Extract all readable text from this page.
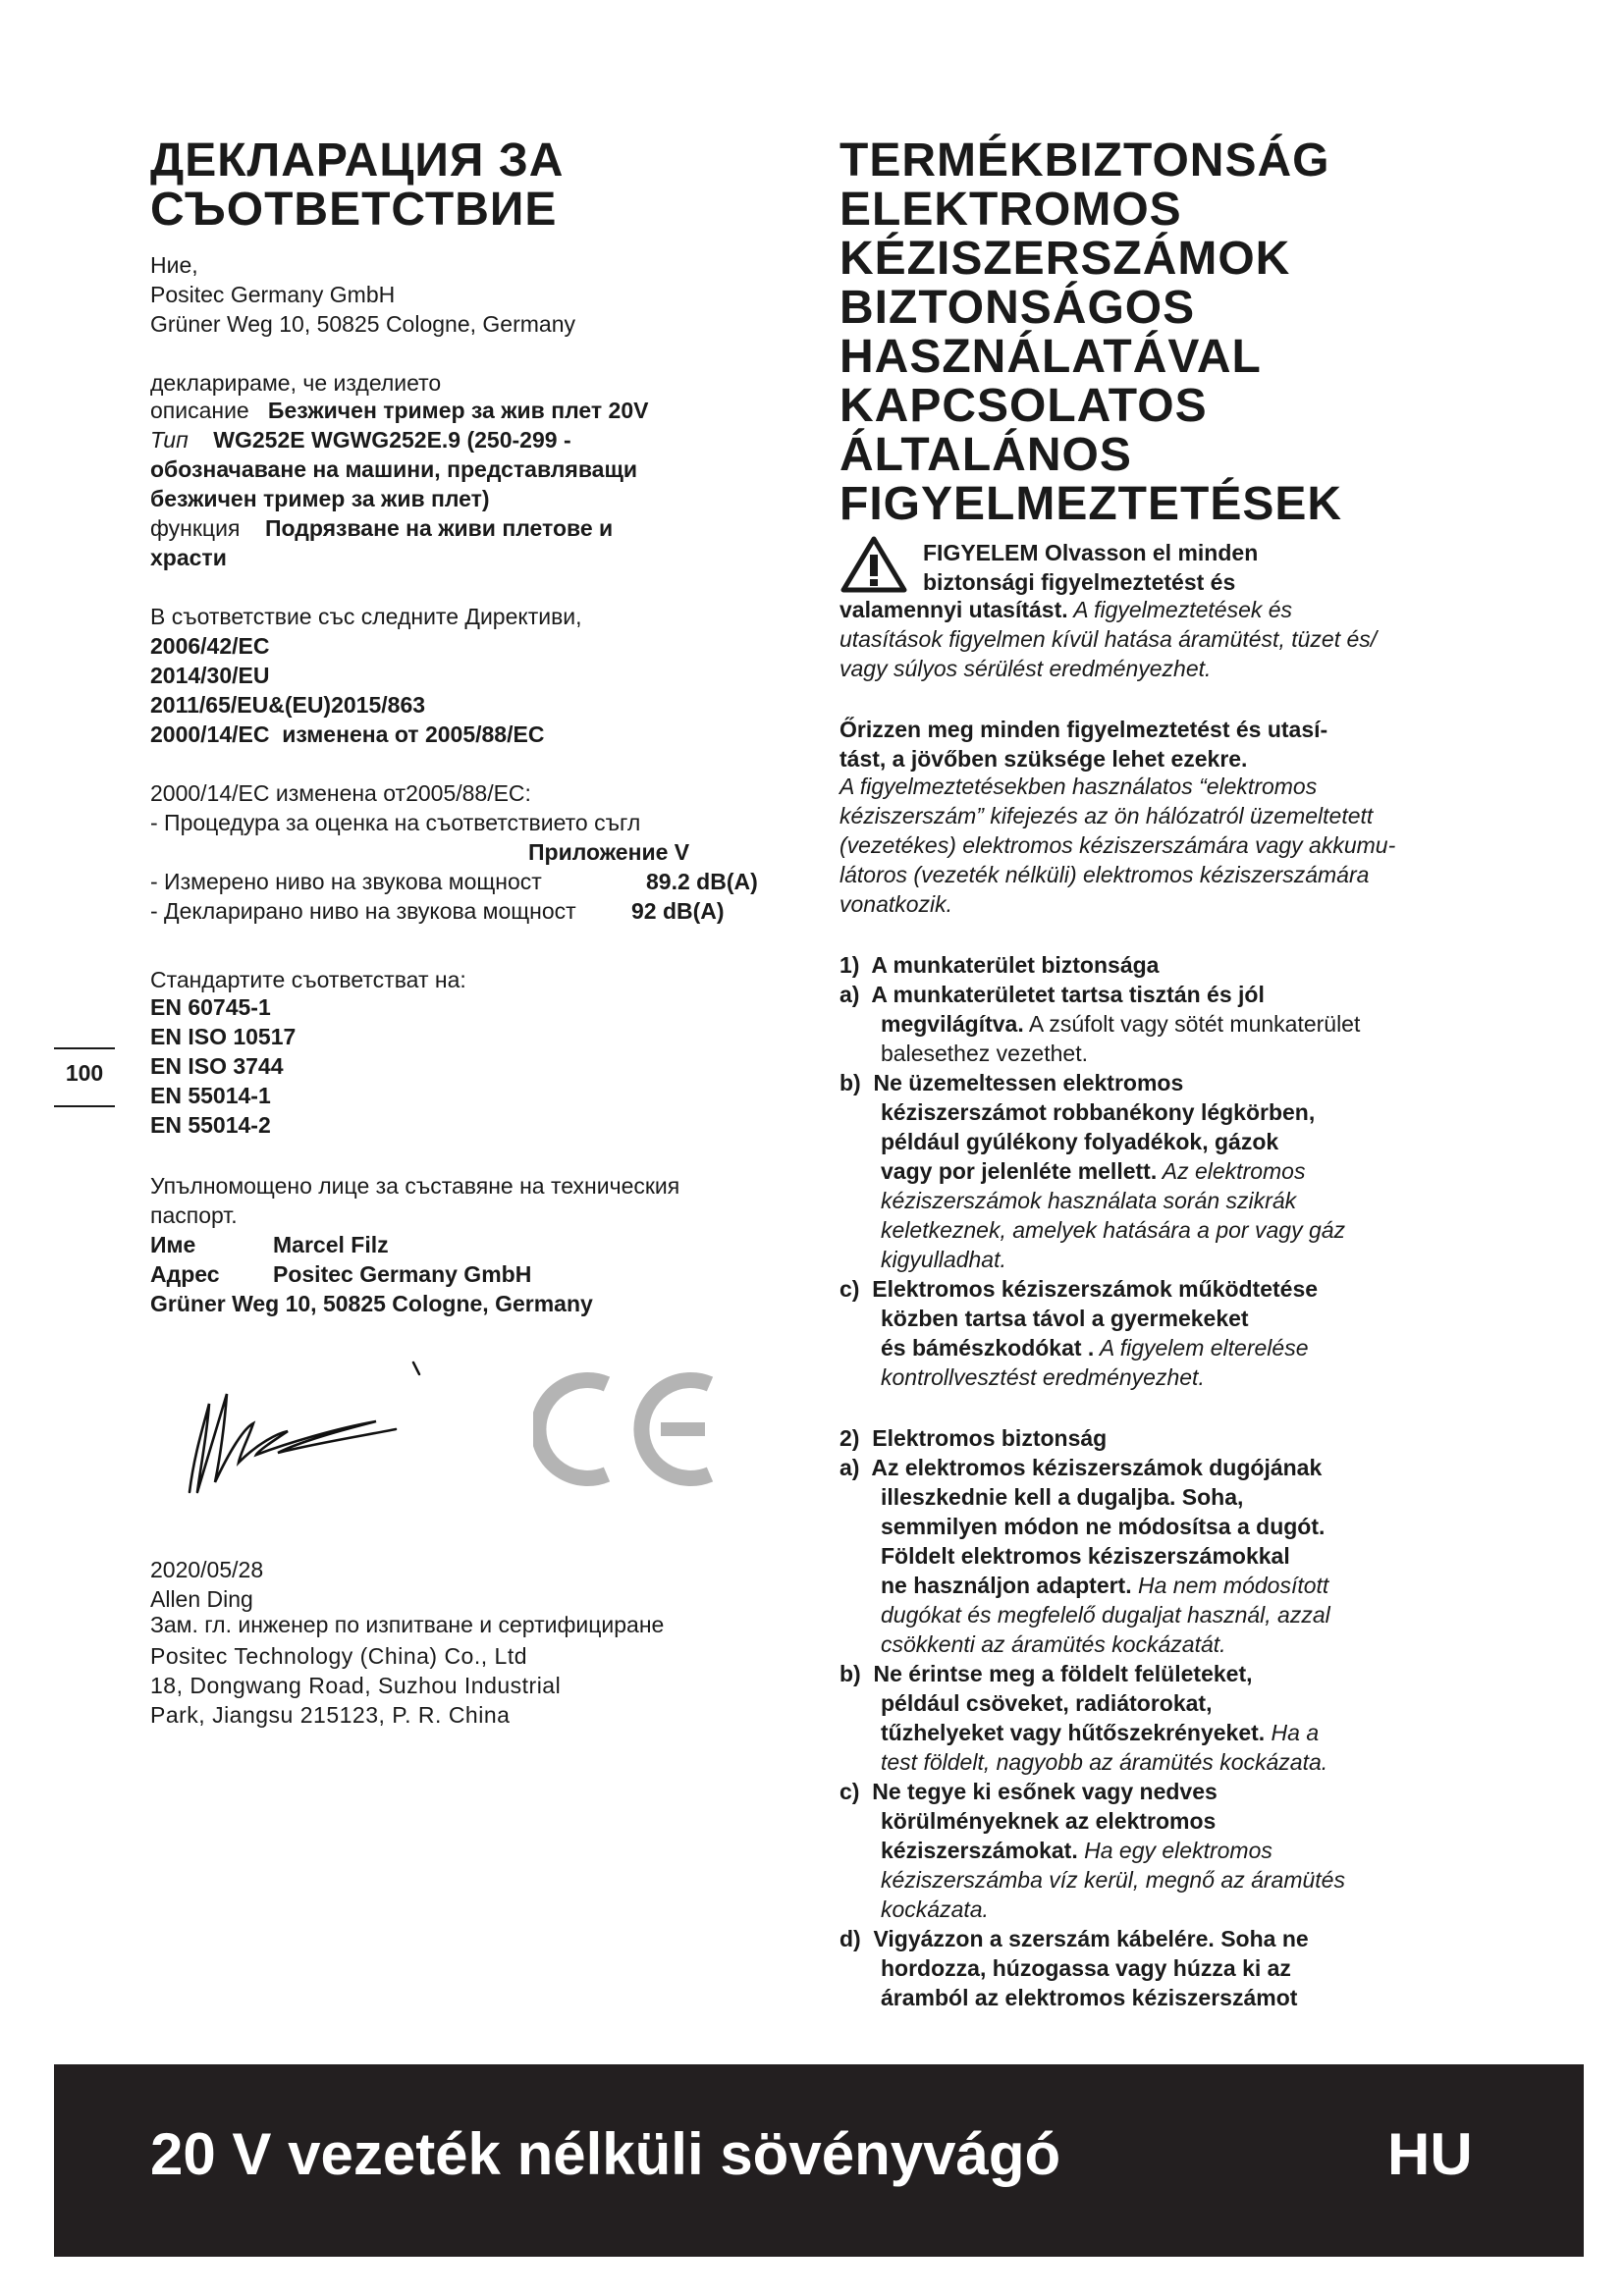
ДЕКЛАРАЦИЯ ЗА
СЪОТВЕТСТВИЕ
Ние,
Positec Germany GmbH
Grüner Weg 10, 50825 Cologne, Germany
декларираме, че изделието
описание Безжичен тример за жив плет 20V
Тип WG252E WGWG252E.9 (250-299 -
обозначаване на машини, представляващи
безжичен тример за жив плет)
функция Подрязване на живи плетове и
храсти
В съответствие със следните Директиви,
2006/42/EC
2014/30/EU
2011/65/EU&(EU)2015/863
2000/14/EC  изменена от 2005/88/EC
2000/14/EC изменена от2005/88/EC:
- Процедура за оценка на съответствието съгл
Приложение V
- Измерено ниво на звукова мощност	89.2 dB(A)
- Декларирано ниво на звукова мощност 92 dB(A)
Стандартите съответстват на:
EN 60745-1
EN ISO 10517
EN ISO 3744
EN 55014-1
EN 55014-2
Упълномощено лице за съставяне на техническия
паспорт.
Име	Marcel Filz
Адрес Positec Germany GmbH
Grüner Weg 10, 50825 Cologne, Germany
2020/05/28
Allen Ding
Зам. гл. инженер по изпитване и сертифициране
Positec Technology (China) Co., Ltd
18, Dongwang Road, Suzhou Industrial
Park, Jiangsu 215123, P. R. China
100
TERMÉKBIZTONSÁG
ELEKTROMOS
KÉZISZERSZÁMOK
BIZTONSÁGOS
HASZNÁLATÁVAL
KAPCSOLATOS
ÁLTALÁNOS
FIGYELMEZTETÉSEK
FIGYELEM Olvasson el minden
biztonsági figyelmeztetést és
valamennyi utasítást. A figyelmeztetések és
utasítások figyelmen kívül hatása áramütést, tüzet és/
vagy súlyos sérülést eredményezhet.
Őrizzen meg minden figyelmeztetést és utasí-
tást, a jövőben szüksége lehet ezekre.
A figyelmeztetésekben használatos “elektromos
kéziszerszám” kifejezés az ön hálózatról üzemeltetett
(vezetékes) elektromos kéziszerszámára vagy akkumu-
látoros (vezeték nélküli) elektromos kéziszerszámára
vonatkozik.
1)  A munkaterület biztonsága
a)  A munkaterületet tartsa tisztán és jól
megvilágítva. A zsúfolt vagy sötét munkaterület
balesethez vezethet.
b)  Ne üzemeltessen elektromos
kéziszerszámot robbanékony légkörben,
például gyúlékony folyadékok, gázok
vagy por jelenléte mellett. Az elektromos
kéziszerszámok használata során szikrák
keletkeznek, amelyek hatására a por vagy gáz
kigyulladhat.
c)  Elektromos kéziszerszámok működtetése
közben tartsa távol a gyermekeket
és bámészkodókat . A figyelem elterelése
kontrollvesztést eredményezhet.
2)  Elektromos biztonság
a)  Az elektromos kéziszerszámok dugójának
illeszkednie kell a dugaljba. Soha,
semmilyen módon ne módosítsa a dugót.
Földelt elektromos kéziszerszámokkal
ne használjon adaptert. Ha nem módosított
dugókat és megfelelő dugaljat használ, azzal
csökkenti az áramütés kockázatát.
b)  Ne érintse meg a földelt felületeket,
például csöveket, radiátorokat,
tűzhelyeket vagy hűtőszekrényeket. Ha a
test földelt, nagyobb az áramütés kockázata.
c)  Ne tegye ki esőnek vagy nedves
körülményeknek az elektromos
kéziszerszámokat. Ha egy elektromos
kéziszerszámba víz kerül, megnő az áramütés
kockázata.
d)  Vigyázzon a szerszám kábelére. Soha ne
hordozza, húzogassa vagy húzza ki az
áramból az elektromos kéziszerszámot
20 V vezeték nélküli sövényvágó	HU
